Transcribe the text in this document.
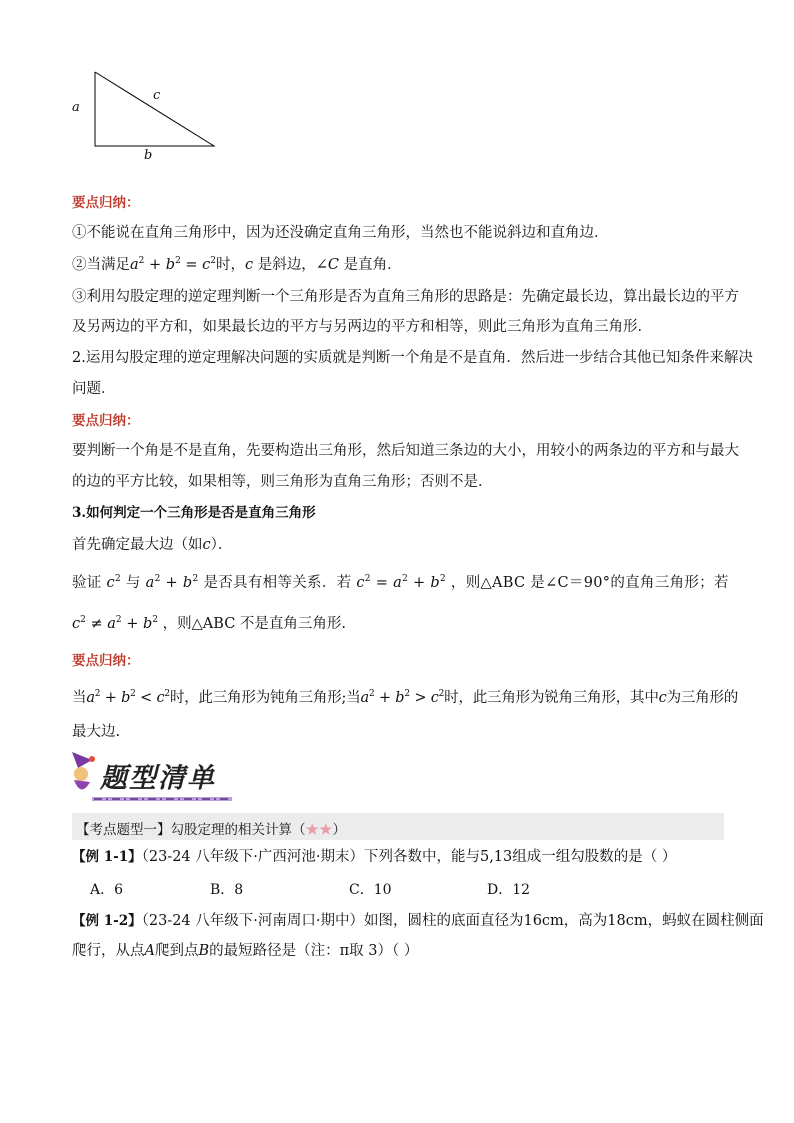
a
c
b
要点归纳：
①不能说在直角三角形中，因为还没确定直角三角形，当然也不能说斜边和直角边．
②当满足$a^2 + b^2 = c^2$时，c 是斜边，∠C 是直角．
③利用勾股定理的逆定理判断一个三角形是否为直角三角形的思路是：先确定最长边，算出最长边的平方
及另两边的平方和，如果最长边的平方与另两边的平方和相等，则此三角形为直角三角形．
2.运用勾股定理的逆定理解决问题的实质就是判断一个角是不是直角．然后进一步结合其他已知条件来解决
问题．
要点归纳：
要判断一个角是不是直角，先要构造出三角形，然后知道三条边的大小，用较小的两条边的平方和与最大
的边的平方比较，如果相等，则三角形为直角三角形；否则不是．
3.如何判定一个三角形是否是直角三角形
首先确定最大边（如c）．
验证 $c^2$ 与 $a^2 + b^2$ 是否具有相等关系．若 $c^2 = a^2 + b^2$ ，则△ABC 是∠C＝90°的直角三角形；若
$c^2 \ne a^2 + b^2$ ，则△ABC 不是直角三角形.
要点归纳：
当$a^2 + b^2 < c^2$时，此三角形为钝角三角形;当$a^2 + b^2 > c^2$时，此三角形为锐角三角形，其中c为三角形的
最大边.
题型清单
【考点题型一】勾股定理的相关计算（★★）
【例 1-1】（23-24 八年级下·广西河池·期末）下列各数中，能与5,13组成一组勾股数的是（ ）
A．6	B．8	C．10	D．12
【例 1-2】（23-24 八年级下·河南周口·期中）如图，圆柱的底面直径为16cm，高为18cm，蚂蚁在圆柱侧面
爬行，从点A爬到点B的最短路径是（注：π取 3）（ ）
